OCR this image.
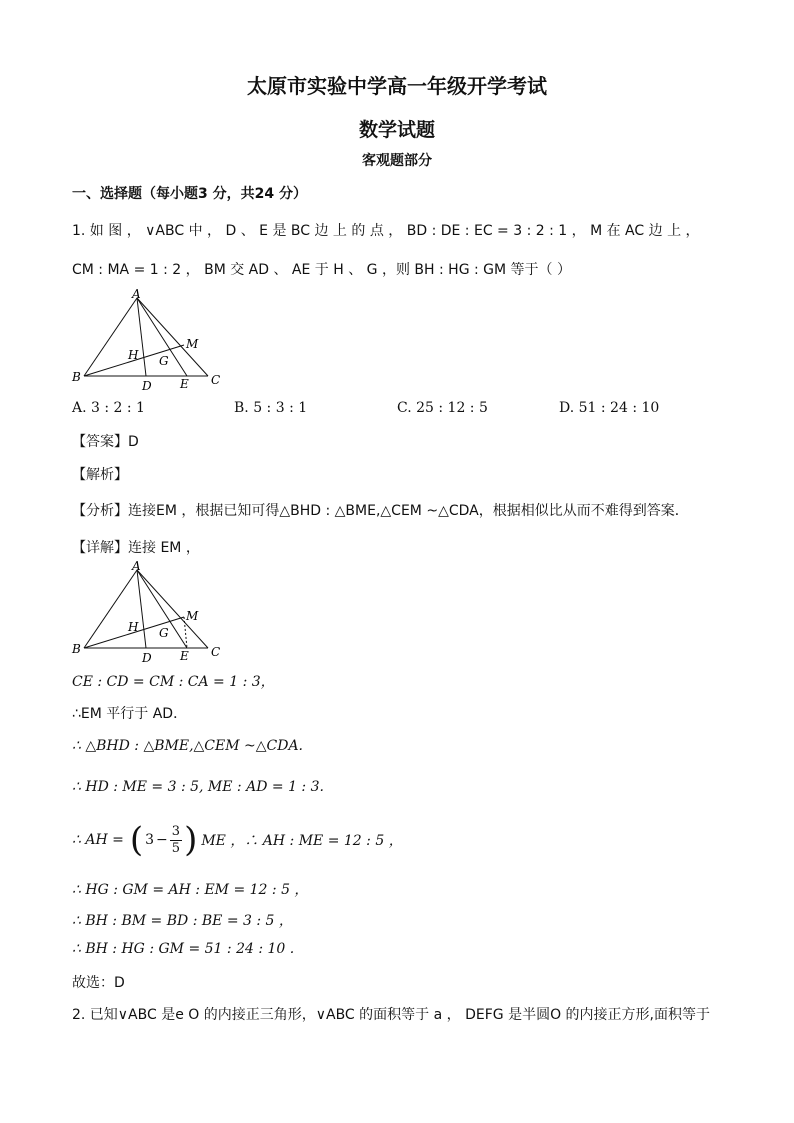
太原市实验中学高一年级开学考试
数学试题
客观题部分
一、选择题（每小题3 分，共24 分）
1. 如 图 ， ∨ABC 中 ， D 、 E 是 BC 边 上 的 点 ， BD : DE : EC = 3 : 2 : 1 ， M 在 AC 边 上 ，
CM : MA = 1 : 2 ， BM 交 AD 、 AE 于 H 、 G ，则 BH : HG : GM 等于（ ）
A
B	C
D E
H G
M
A. 3 : 2 : 1	B. 5 : 3 : 1	C. 25 : 12 : 5	D. 51 : 24 : 10
【答案】D
【解析】
【分析】连接EM ，根据已知可得△BHD : △BME,△CEM ~△CDA，根据相似比从而不难得到答案．
【详解】连接 EM ，
A
B	C
D E
H G
M
CE : CD = CM : CA = 1 : 3，
∴EM 平行于 AD．
∴ △BHD : △BME,△CEM ~△CDA.
∴ HD : ME = 3 : 5, ME : AD = 1 : 3.
∴ AH = ( $3 - \frac{3}{5}$ ) ME ，∴ AH : ME = 12 : 5 ，
∴ HG : GM = AH : EM = 12 : 5 ，
∴ BH : BM = BD : BE = 3 : 5 ，
∴ BH : HG : GM = 51 : 24 : 10 .
故选：D
2. 已知∨ABC 是e O 的内接正三角形，∨ABC 的面积等于 a ， DEFG 是半圆O 的内接正方形,面积等于
